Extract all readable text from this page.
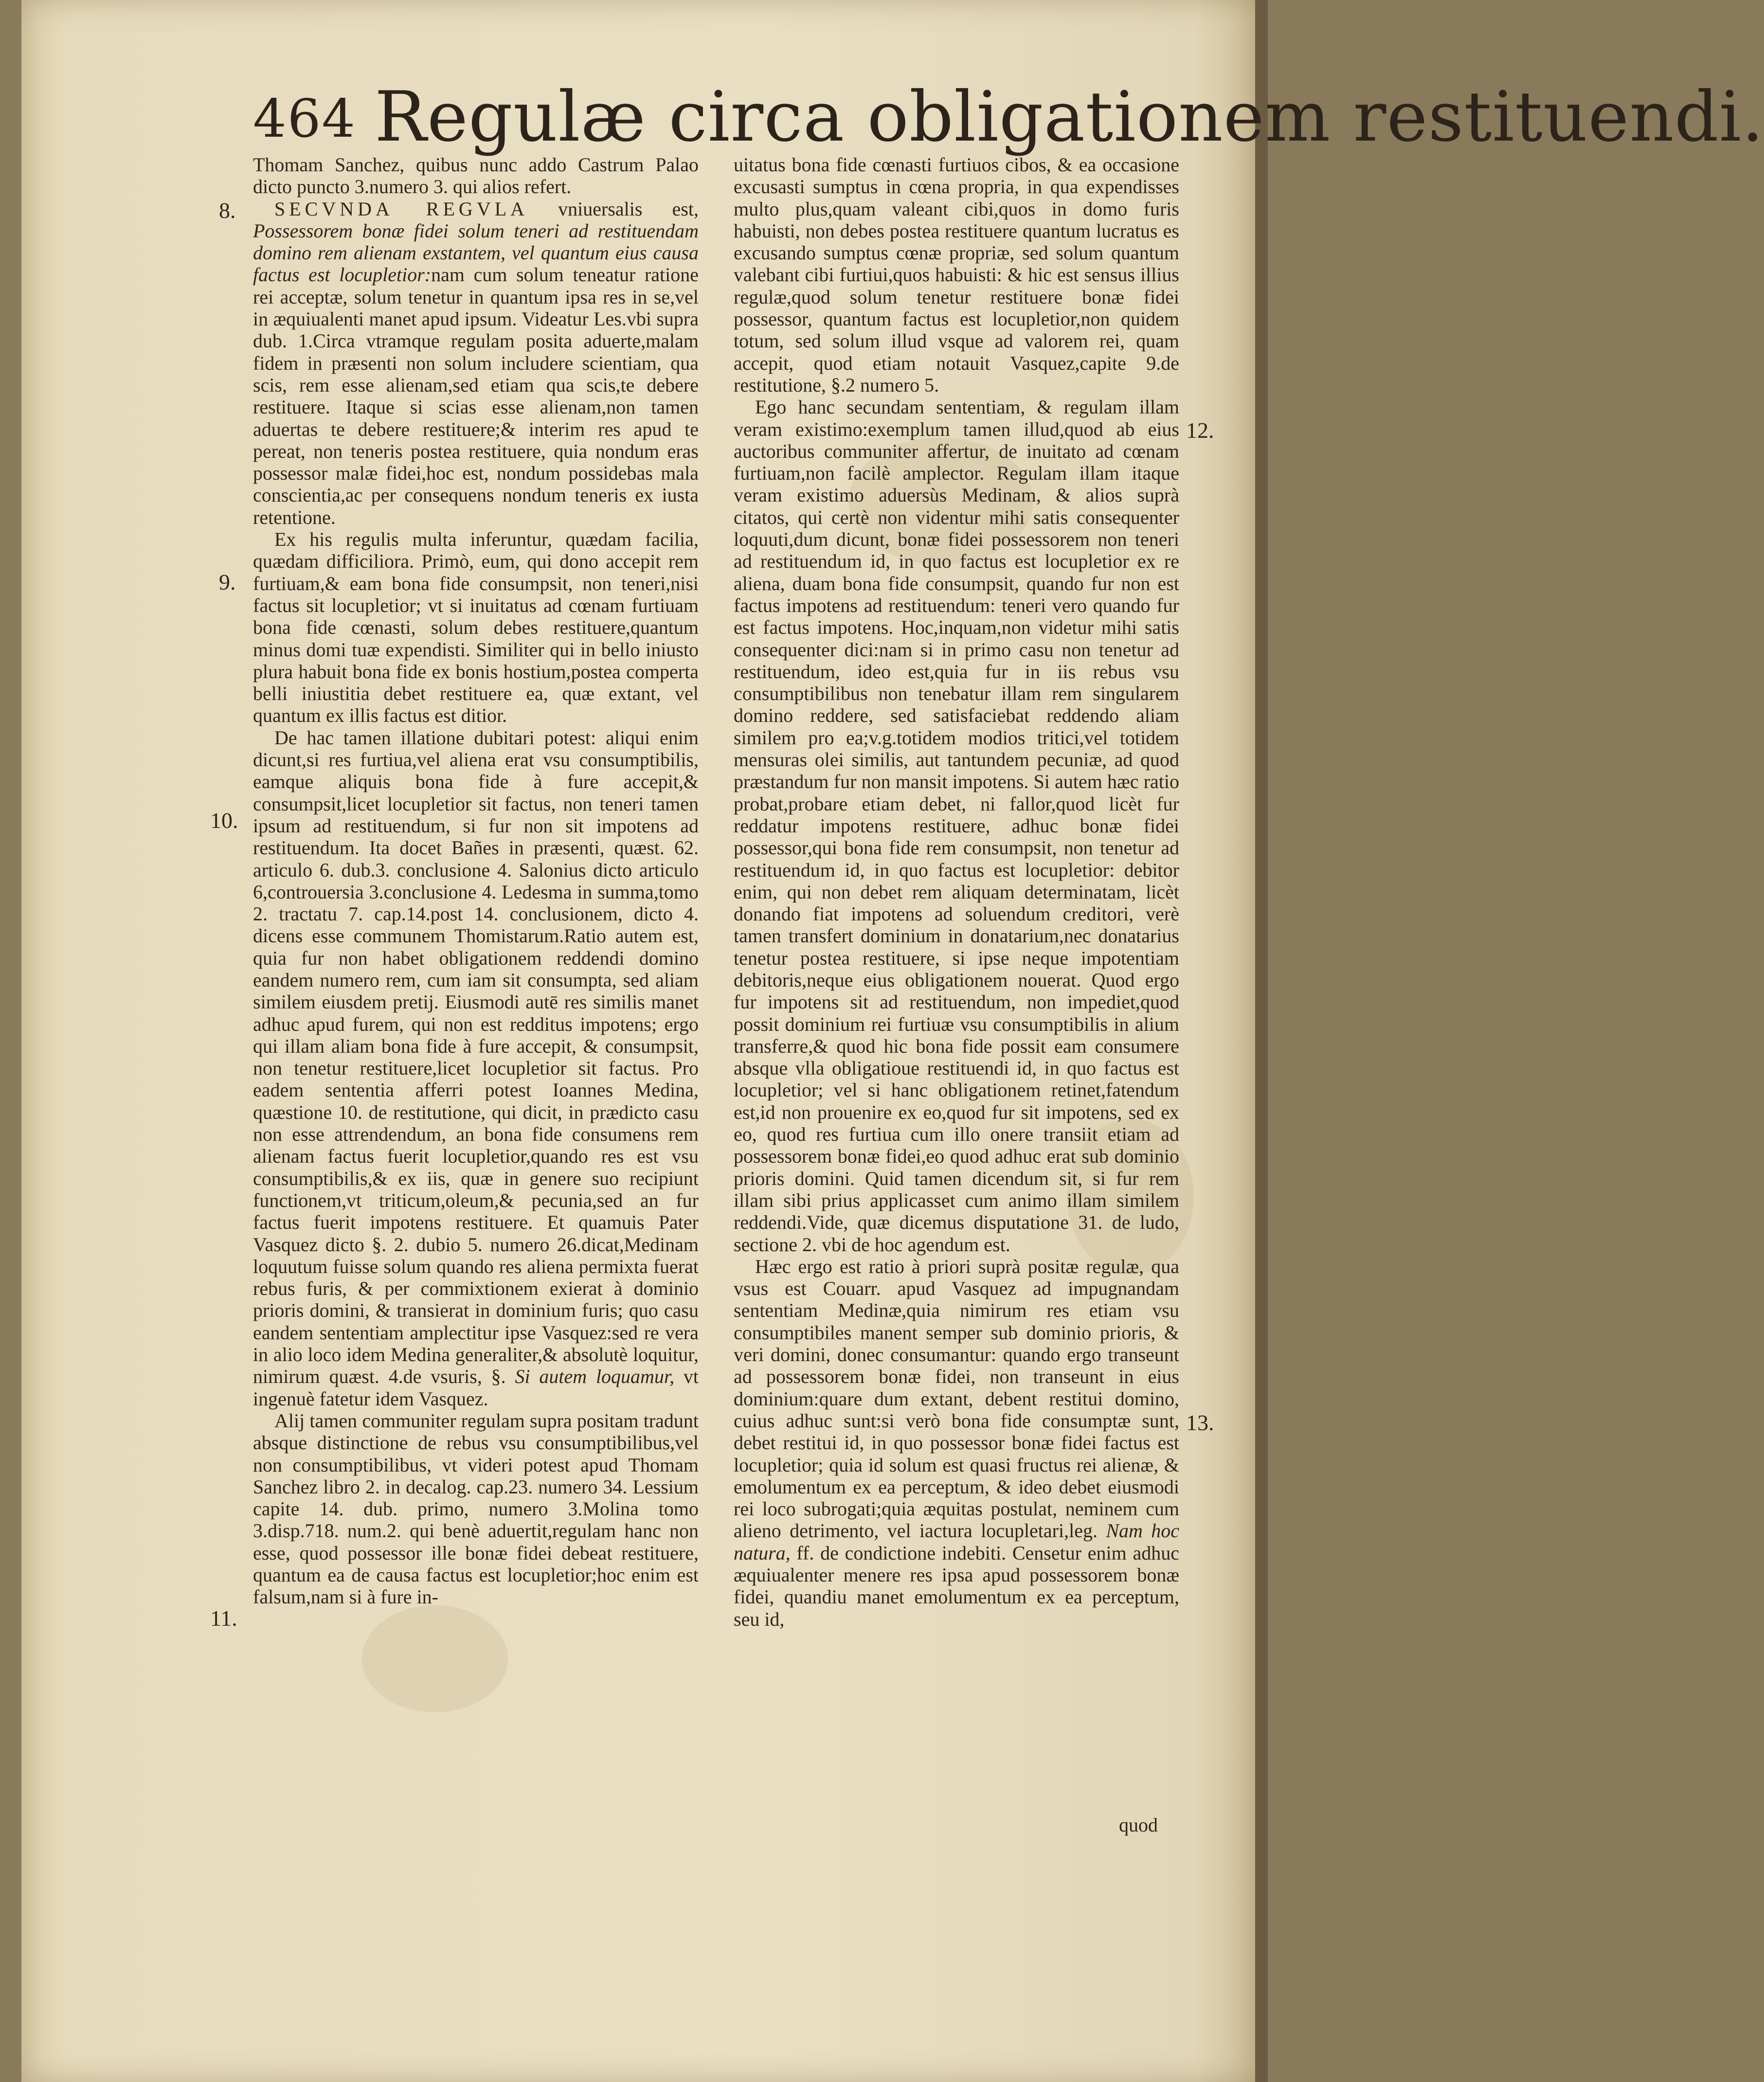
464 Regulæ circa obligationem restituendi.
8.
9.
10.
11.
12.
13.

Thomam Sanchez, quibus nunc addo Castrum Palao dicto puncto 3.numero 3. qui alios refert.

SECVNDA REGVLA vniuersalis est, Possessorem bonæ fidei solum teneri ad restituendam domino rem alienam exstantem, vel quantum eius causa factus est locupletior:nam cum solum teneatur ratione rei acceptæ, solum tenetur in quantum ipsa res in se,vel in æquiualenti manet apud ipsum. Videatur Les.vbi supra dub. 1.Circa vtramque regulam posita aduerte,malam fidem in præsenti non solum includere scientiam, qua scis, rem esse alienam,sed etiam qua scis,te debere restituere. Itaque si scias esse alienam,non tamen aduertas te debere restituere;& interim res apud te pereat, non teneris postea restituere, quia nondum eras possessor malæ fidei,hoc est, nondum possidebas mala conscientia,ac per consequens nondum teneris ex iusta retentione.

Ex his regulis multa inferuntur, quædam facilia, quædam difficiliora. Primò, eum, qui dono accepit rem furtiuam,& eam bona fide consumpsit, non teneri,nisi factus sit locupletior; vt si inuitatus ad cœnam furtiuam bona fide cœnasti, solum debes restituere,quantum minus domi tuæ expendisti. Similiter qui in bello iniusto plura habuit bona fide ex bonis hostium,postea comperta belli iniustitia debet restituere ea, quæ extant, vel quantum ex illis factus est ditior.

De hac tamen illatione dubitari potest: aliqui enim dicunt,si res furtiua,vel aliena erat vsu consumptibilis, eamque aliquis bona fide à fure accepit,& consumpsit,licet locupletior sit factus, non teneri tamen ipsum ad restituendum, si fur non sit impotens ad restituendum. Ita docet Bañes in præsenti, quæst. 62. articulo 6. dub.3. conclusione 4. Salonius dicto articulo 6,controuersia 3.conclusione 4. Ledesma in summa,tomo 2. tractatu 7. cap.14.post 14. conclusionem, dicto 4. dicens esse communem Thomistarum.Ratio autem est, quia fur non habet obligationem reddendi domino eandem numero rem, cum iam sit consumpta, sed aliam similem eiusdem pretij. Eiusmodi autē res similis manet adhuc apud furem, qui non est redditus impotens; ergo qui illam aliam bona fide à fure accepit, & consumpsit, non tenetur restituere,licet locupletior sit factus. Pro eadem sententia afferri potest Ioannes Medina, quæstione 10. de restitutione, qui dicit, in prædicto casu non esse attrendendum, an bona fide consumens rem alienam factus fuerit locupletior,quando res est vsu consumptibilis,& ex iis, quæ in genere suo recipiunt functionem,vt triticum,oleum,& pecunia,sed an fur factus fuerit impotens restituere. Et quamuis Pater Vasquez dicto §. 2. dubio 5. numero 26.dicat,Medinam loquutum fuisse solum quando res aliena permixta fuerat rebus furis, & per commixtionem exierat à dominio prioris domini, & transierat in dominium furis; quo casu eandem sententiam amplectitur ipse Vasquez:sed re vera in alio loco idem Medina generaliter,& absolutè loquitur, nimirum quæst. 4.de vsuris, §. Si autem loquamur, vt ingenuè fatetur idem Vasquez.

Alij tamen communiter regulam supra positam tradunt absque distinctione de rebus vsu consumptibilibus,vel non consumptibilibus, vt videri potest apud Thomam Sanchez libro 2. in decalog. cap.23. numero 34. Lessium capite 14. dub. primo, numero 3.Molina tomo 3.disp.718. num.2. qui benè aduertit,regulam hanc non esse, quod possessor ille bonæ fidei debeat restituere, quantum ea de causa factus est locupletior;hoc enim est falsum,nam si à fure in-

uitatus bona fide cœnasti furtiuos cibos, & ea occasione excusasti sumptus in cœna propria, in qua expendisses multo plus,quam valeant cibi,quos in domo furis habuisti, non debes postea restituere quantum lucratus es excusando sumptus cœnæ propriæ, sed solum quantum valebant cibi furtiui,quos habuisti: & hic est sensus illius regulæ,quod solum tenetur restituere bonæ fidei possessor, quantum factus est locupletior,non quidem totum, sed solum illud vsque ad valorem rei, quam accepit, quod etiam notauit Vasquez,capite 9.de restitutione, §.2 numero 5.

Ego hanc secundam sententiam, & regulam illam veram existimo:exemplum tamen illud,quod ab eius auctoribus communiter affertur, de inuitato ad cœnam furtiuam,non facilè amplector. Regulam illam itaque veram existimo aduersùs Medinam, & alios suprà citatos, qui certè non videntur mihi satis consequenter loquuti,dum dicunt, bonæ fidei possessorem non teneri ad restituendum id, in quo factus est locupletior ex re aliena, duam bona fide consumpsit, quando fur non est factus impotens ad restituendum: teneri vero quando fur est factus impotens. Hoc,inquam,non videtur mihi satis consequenter dici:nam si in primo casu non tenetur ad restituendum, ideo est,quia fur in iis rebus vsu consumptibilibus non tenebatur illam rem singularem domino reddere, sed satisfaciebat reddendo aliam similem pro ea;v.g.totidem modios tritici,vel totidem mensuras olei similis, aut tantundem pecuniæ, ad quod præstandum fur non mansit impotens. Si autem hæc ratio probat,probare etiam debet, ni fallor,quod licèt fur reddatur impotens restituere, adhuc bonæ fidei possessor,qui bona fide rem consumpsit, non tenetur ad restituendum id, in quo factus est locupletior: debitor enim, qui non debet rem aliquam determinatam, licèt donando fiat impotens ad soluendum creditori, verè tamen transfert dominium in donatarium,nec donatarius tenetur postea restituere, si ipse neque impotentiam debitoris,neque eius obligationem nouerat. Quod ergo fur impotens sit ad restituendum, non impediet,quod possit dominium rei furtiuæ vsu consumptibilis in alium transferre,& quod hic bona fide possit eam consumere absque vlla obligatioue restituendi id, in quo factus est locupletior; vel si hanc obligationem retinet,fatendum est,id non prouenire ex eo,quod fur sit impotens, sed ex eo, quod res furtiua cum illo onere transiit etiam ad possessorem bonæ fidei,eo quod adhuc erat sub dominio prioris domini. Quid tamen dicendum sit, si fur rem illam sibi prius applicasset cum animo illam similem reddendi.Vide, quæ dicemus disputatione 31. de ludo, sectione 2. vbi de hoc agendum est.

Hæc ergo est ratio à priori suprà positæ regulæ, qua vsus est Couarr. apud Vasquez ad impugnandam sententiam Medinæ,quia nimirum res etiam vsu consumptibiles manent semper sub dominio prioris, & veri domini, donec consumantur: quando ergo transeunt ad possessorem bonæ fidei, non transeunt in eius dominium:quare dum extant, debent restitui domino, cuius adhuc sunt:si verò bona fide consumptæ sunt, debet restitui id, in quo possessor bonæ fidei factus est locupletior; quia id solum est quasi fructus rei alienæ, & emolumentum ex ea perceptum, & ideo debet eiusmodi rei loco subrogati;quia æquitas postulat, neminem cum alieno detrimento, vel iactura locupletari,leg. Nam hoc natura, ff. de condictione indebiti. Censetur enim adhuc æquiualenter menere res ipsa apud possessorem bonæ fidei, quandiu manet emolumentum ex ea perceptum, seu id,

quod
